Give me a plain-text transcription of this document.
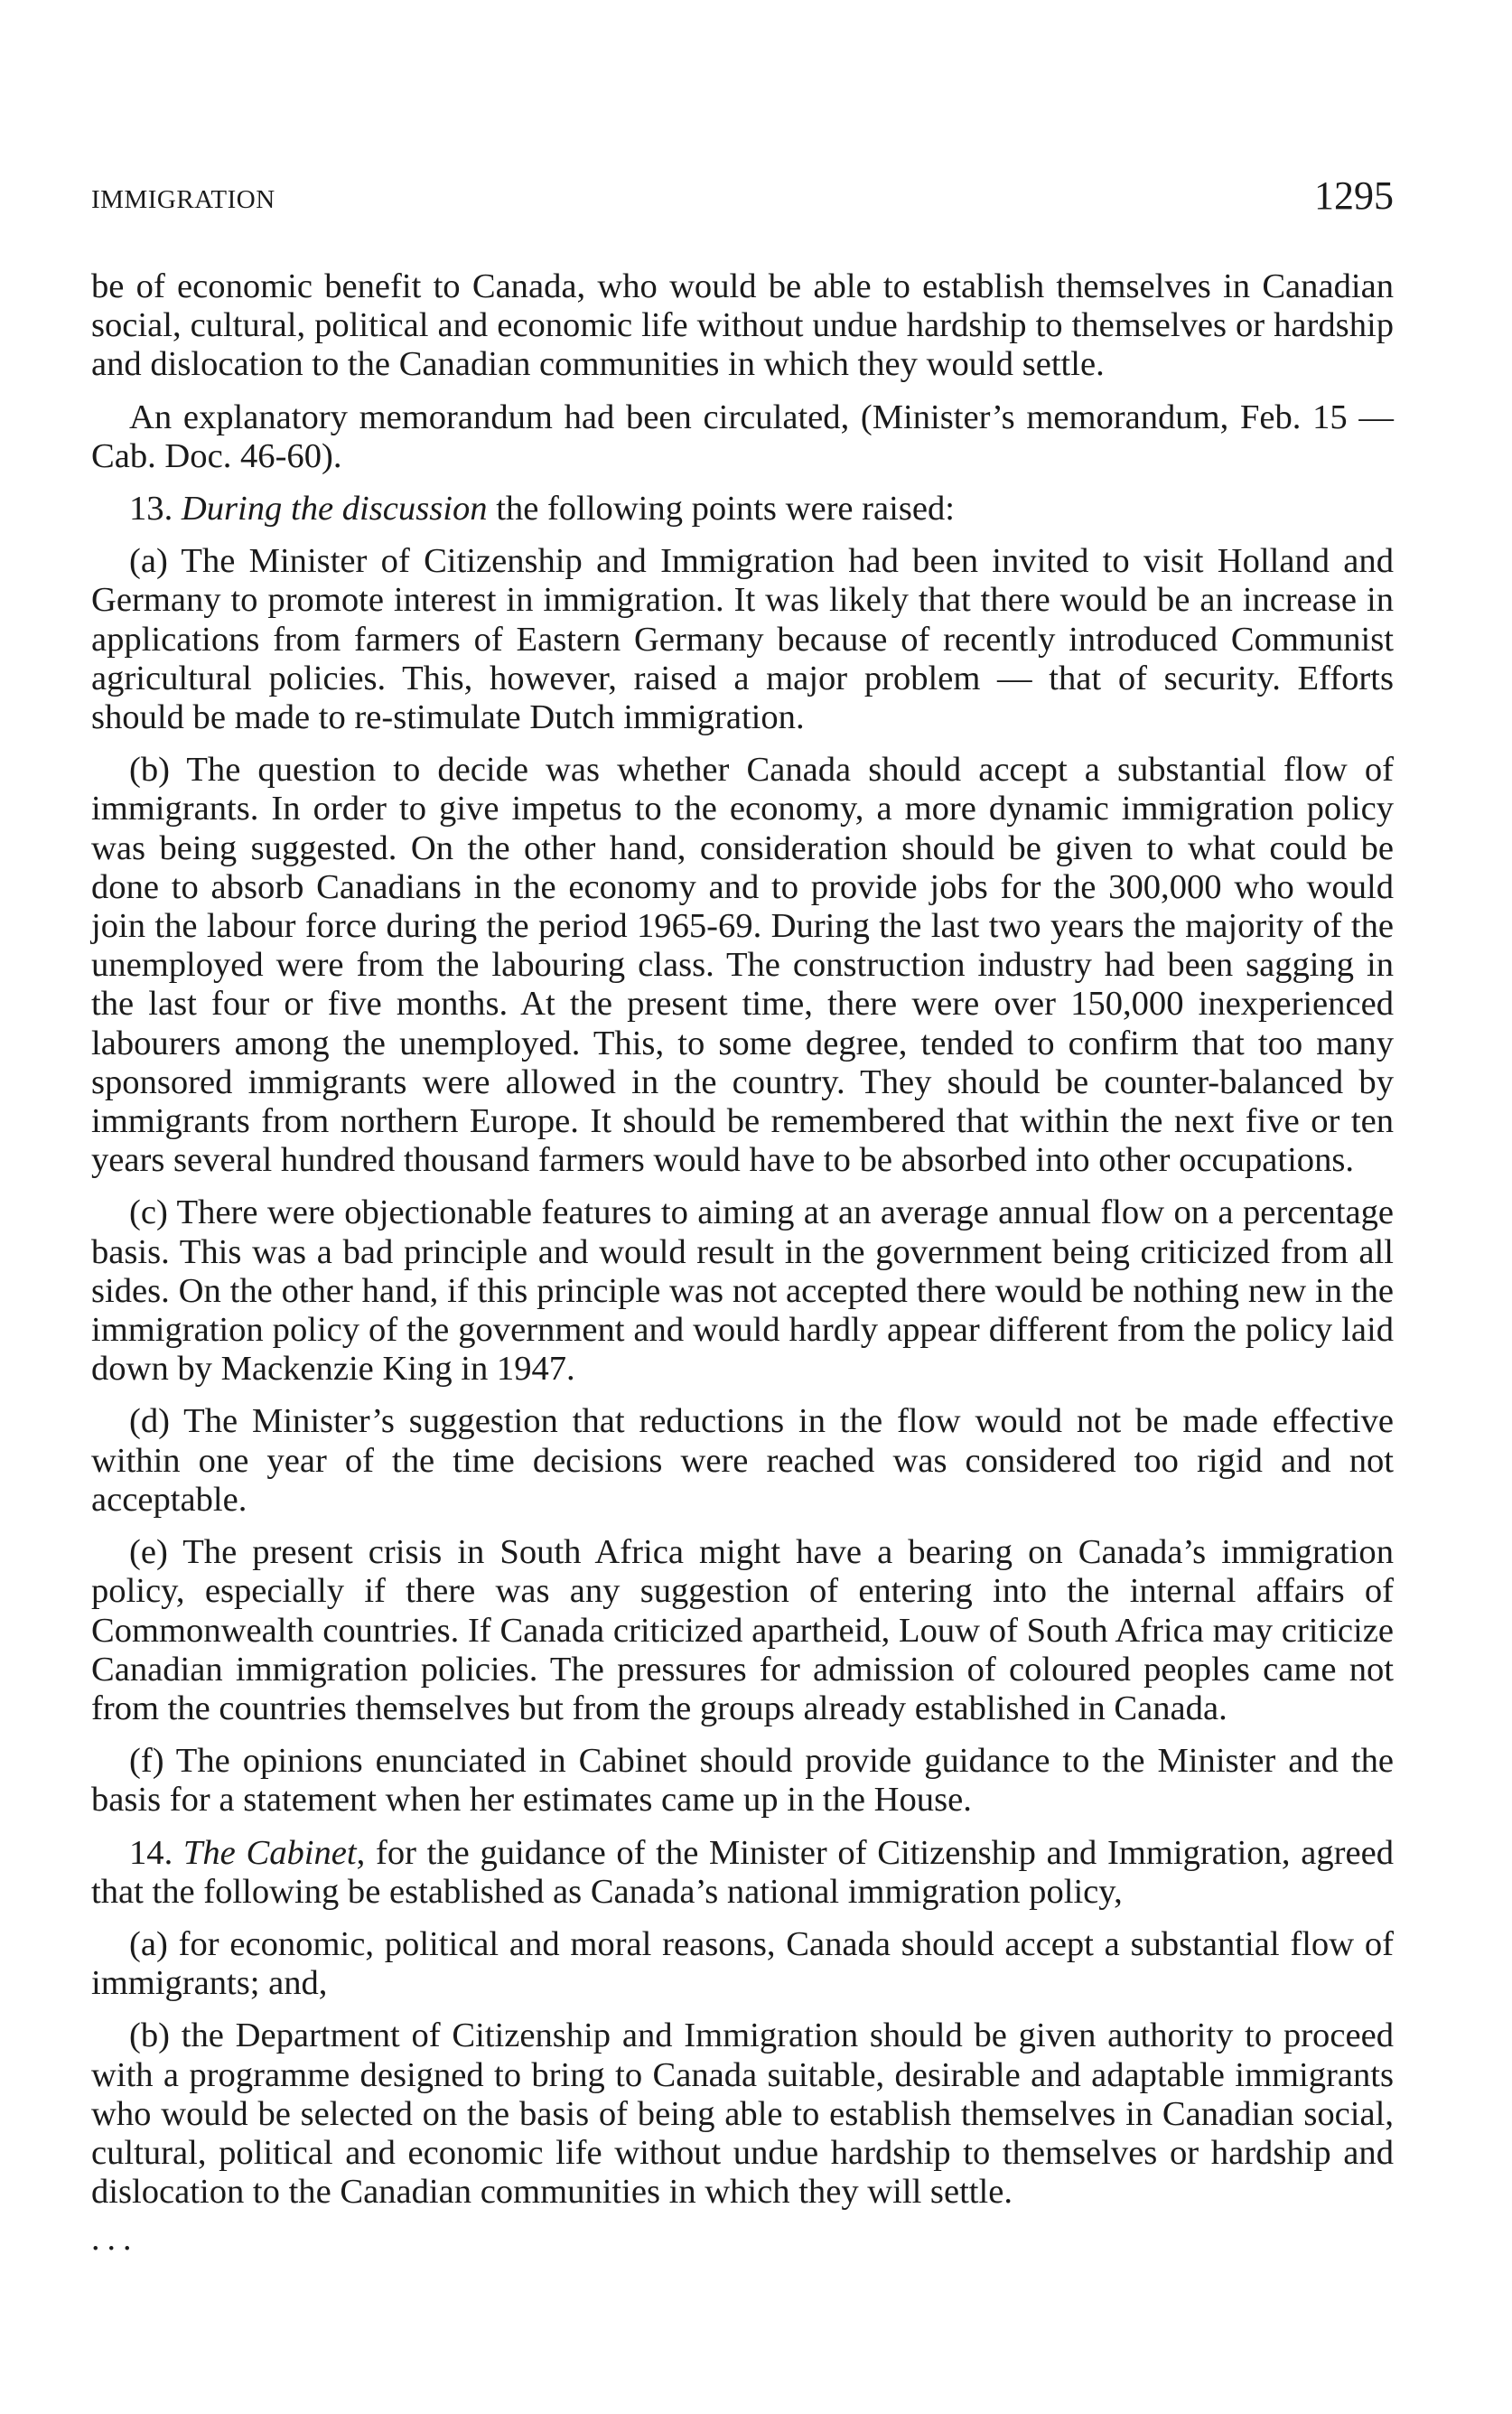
IMMIGRATION	1295

be of economic benefit to Canada, who would be able to establish themselves in Canadian social, cultural, political and economic life without undue hardship to themselves or hardship and dislocation to the Canadian communities in which they would settle.

An explanatory memorandum had been circulated, (Minister’s memorandum, Feb. 15 — Cab. Doc. 46-60).

13. During the discussion the following points were raised:

(a) The Minister of Citizenship and Immigration had been invited to visit Holland and Germany to promote interest in immigration. It was likely that there would be an increase in applications from farmers of Eastern Germany because of recently introduced Communist agricultural policies. This, however, raised a major problem — that of security. Efforts should be made to re-stimulate Dutch immigration.

(b) The question to decide was whether Canada should accept a substantial flow of immigrants. In order to give impetus to the economy, a more dynamic immigration policy was being suggested. On the other hand, consideration should be given to what could be done to absorb Canadians in the economy and to provide jobs for the 300,000 who would join the labour force during the period 1965-69. During the last two years the majority of the unemployed were from the labouring class. The construction industry had been sagging in the last four or five months. At the present time, there were over 150,000 inexperienced labourers among the unemployed. This, to some degree, tended to confirm that too many sponsored immigrants were allowed in the country. They should be counter-balanced by immigrants from northern Europe. It should be remembered that within the next five or ten years several hundred thousand farmers would have to be absorbed into other occupations.

(c) There were objectionable features to aiming at an average annual flow on a percentage basis. This was a bad principle and would result in the government being criticized from all sides. On the other hand, if this principle was not accepted there would be nothing new in the immigration policy of the government and would hardly appear different from the policy laid down by Mackenzie King in 1947.

(d) The Minister’s suggestion that reductions in the flow would not be made effective within one year of the time decisions were reached was considered too rigid and not acceptable.

(e) The present crisis in South Africa might have a bearing on Canada’s immigration policy, especially if there was any suggestion of entering into the internal affairs of Commonwealth countries. If Canada criticized apartheid, Louw of South Africa may criticize Canadian immigration policies. The pressures for admission of coloured peoples came not from the countries themselves but from the groups already established in Canada.

(f) The opinions enunciated in Cabinet should provide guidance to the Minister and the basis for a statement when her estimates came up in the House.

14. The Cabinet, for the guidance of the Minister of Citizenship and Immigration, agreed that the following be established as Canada’s national immigration policy,

(a) for economic, political and moral reasons, Canada should accept a substantial flow of immigrants; and,

(b) the Department of Citizenship and Immigration should be given authority to proceed with a programme designed to bring to Canada suitable, desirable and adaptable immigrants who would be selected on the basis of being able to establish themselves in Canadian social, cultural, political and economic life without undue hardship to themselves or hardship and dislocation to the Canadian communities in which they will settle.

...
